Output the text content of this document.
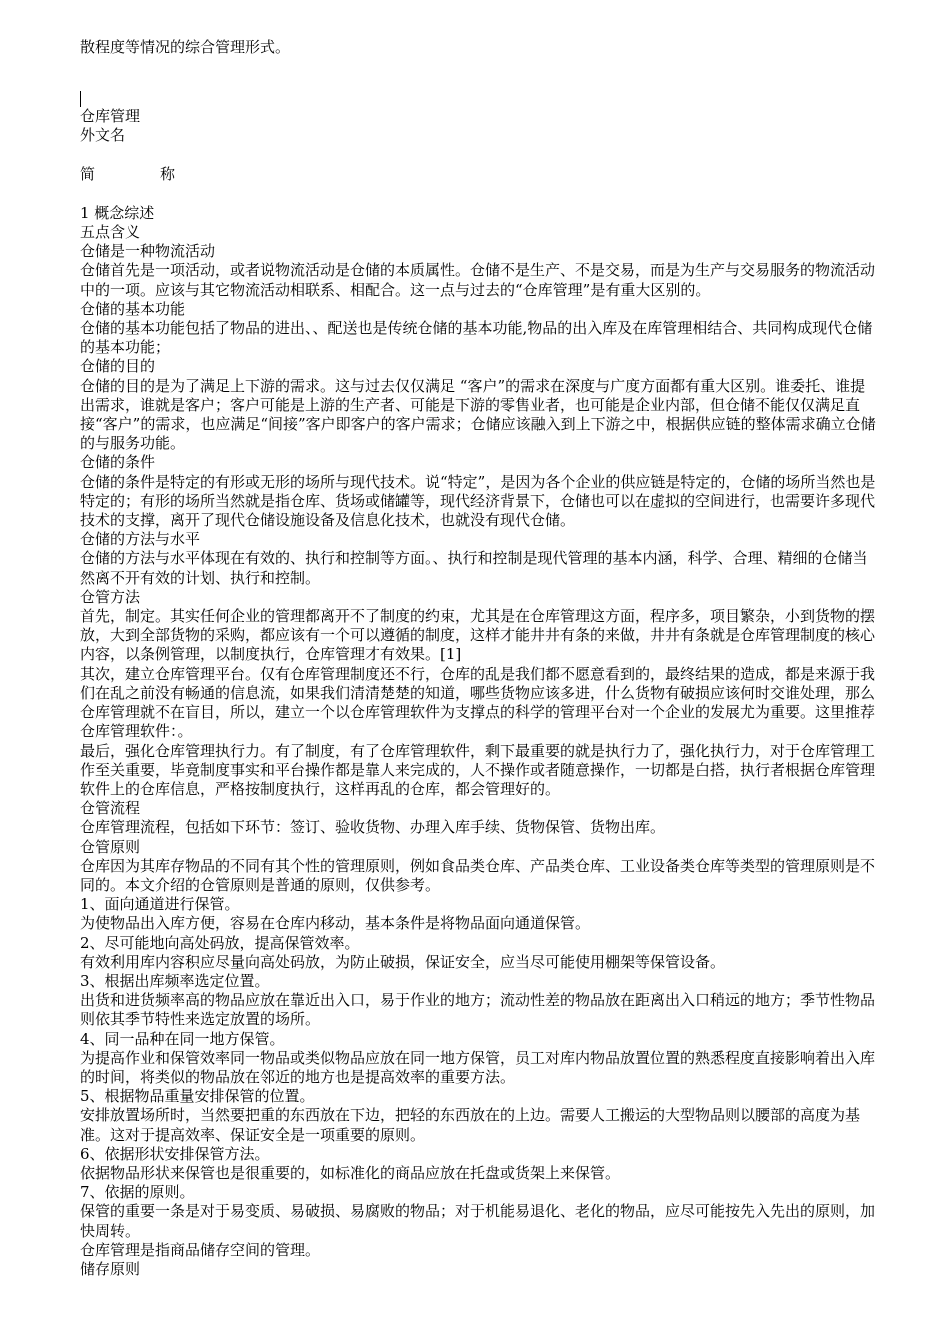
散程度等情况的综合管理形式。
仓库管理
外文名
简　　　　称
1 概念综述
五点含义
仓储是一种物流活动
仓储首先是一项活动，或者说物流活动是仓储的本质属性。仓储不是生产、不是交易，而是为生产与交易服务的物流活动中的一项。应该与其它物流活动相联系、相配合。这一点与过去的“仓库管理”是有重大区别的。
仓储的基本功能
仓储的基本功能包括了物品的进出、、配送也是传统仓储的基本功能,物品的出入库及在库管理相结合、共同构成现代仓储的基本功能；
仓储的目的
仓储的目的是为了满足上下游的需求。这与过去仅仅满足 “客户”的需求在深度与广度方面都有重大区别。谁委托、谁提出需求，谁就是客户；客户可能是上游的生产者、可能是下游的零售业者，也可能是企业内部，但仓储不能仅仅满足直接“客户”的需求，也应满足“间接”客户即客户的客户需求；仓储应该融入到上下游之中，根据供应链的整体需求确立仓储的与服务功能。
仓储的条件
仓储的条件是特定的有形或无形的场所与现代技术。说“特定”，是因为各个企业的供应链是特定的，仓储的场所当然也是特定的；有形的场所当然就是指仓库、货场或储罐等，现代经济背景下，仓储也可以在虚拟的空间进行，也需要许多现代技术的支撑，离开了现代仓储设施设备及信息化技术，也就没有现代仓储。
仓储的方法与水平
仓储的方法与水平体现在有效的、执行和控制等方面。、执行和控制是现代管理的基本内涵，科学、合理、精细的仓储当然离不开有效的计划、执行和控制。
仓管方法
首先，制定。其实任何企业的管理都离开不了制度的约束，尤其是在仓库管理这方面，程序多，项目繁杂，小到货物的摆放，大到全部货物的采购，都应该有一个可以遵循的制度，这样才能井井有条的来做，井井有条就是仓库管理制度的核心内容，以条例管理，以制度执行，仓库管理才有效果。[1]
其次，建立仓库管理平台。仅有仓库管理制度还不行，仓库的乱是我们都不愿意看到的，最终结果的造成，都是来源于我们在乱之前没有畅通的信息流，如果我们清清楚楚的知道，哪些货物应该多进，什么货物有破损应该何时交谁处理，那么仓库管理就不在盲目，所以，建立一个以仓库管理软件为支撑点的科学的管理平台对一个企业的发展尤为重要。这里推荐仓库管理软件：。
最后，强化仓库管理执行力。有了制度，有了仓库管理软件，剩下最重要的就是执行力了，强化执行力，对于仓库管理工作至关重要，毕竟制度事实和平台操作都是靠人来完成的，人不操作或者随意操作，一切都是白搭，执行者根据仓库管理软件上的仓库信息，严格按制度执行，这样再乱的仓库，都会管理好的。
仓管流程
仓库管理流程，包括如下环节：签订、验收货物、办理入库手续、货物保管、货物出库。
仓管原则
仓库因为其库存物品的不同有其个性的管理原则，例如食品类仓库、产品类仓库、工业设备类仓库等类型的管理原则是不同的。本文介绍的仓管原则是普通的原则，仅供参考。
1、面向通道进行保管。
为使物品出入库方便，容易在仓库内移动，基本条件是将物品面向通道保管。
2、尽可能地向高处码放，提高保管效率。
有效利用库内容积应尽量向高处码放，为防止破损，保证安全，应当尽可能使用棚架等保管设备。
3、根据出库频率选定位置。
出货和进货频率高的物品应放在靠近出入口，易于作业的地方；流动性差的物品放在距离出入口稍远的地方；季节性物品则依其季节特性来选定放置的场所。
4、同一品种在同一地方保管。
为提高作业和保管效率同一物品或类似物品应放在同一地方保管，员工对库内物品放置位置的熟悉程度直接影响着出入库的时间，将类似的物品放在邻近的地方也是提高效率的重要方法。
5、根据物品重量安排保管的位置。
安排放置场所时，当然要把重的东西放在下边，把轻的东西放在的上边。需要人工搬运的大型物品则以腰部的高度为基准。这对于提高效率、保证安全是一项重要的原则。
6、依据形状安排保管方法。
依据物品形状来保管也是很重要的，如标准化的商品应放在托盘或货架上来保管。
7、依据的原则。
保管的重要一条是对于易变质、易破损、易腐败的物品；对于机能易退化、老化的物品，应尽可能按先入先出的原则，加快周转。
仓库管理是指商品储存空间的管理。
储存原则
